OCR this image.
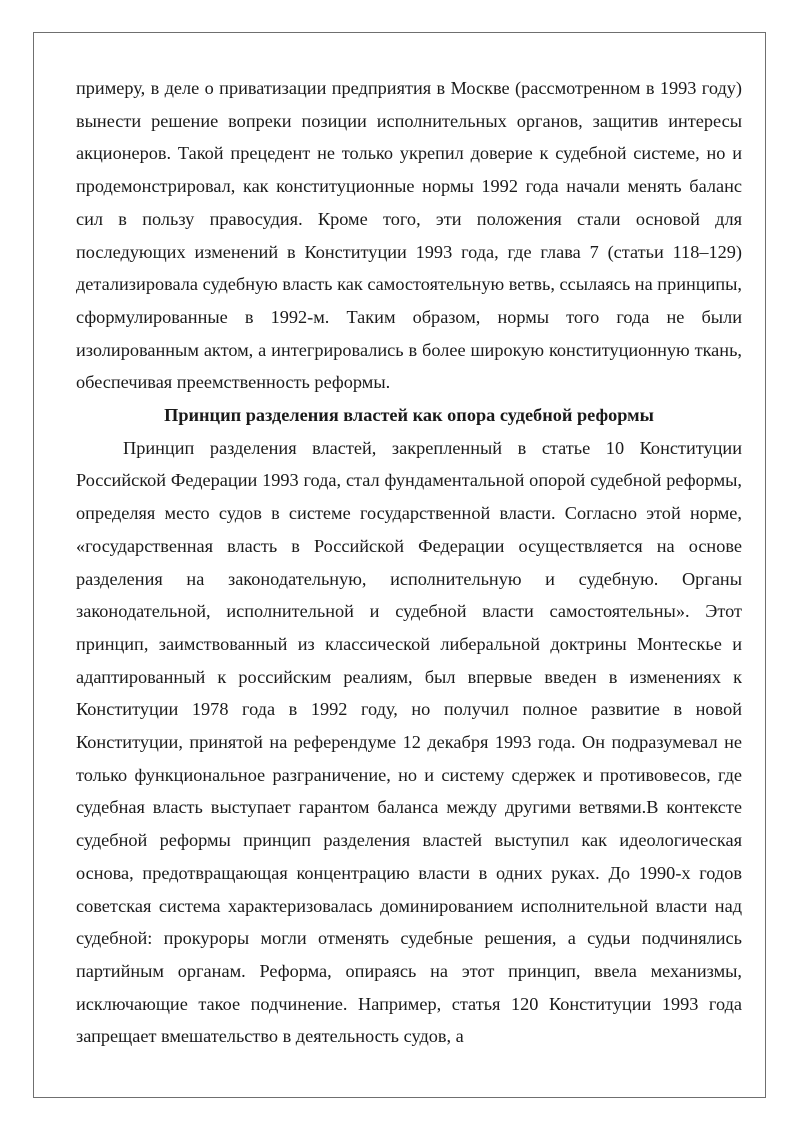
примеру, в деле о приватизации предприятия в Москве (рассмотренном в 1993 году) вынести решение вопреки позиции исполнительных органов, защитив интересы акционеров. Такой прецедент не только укрепил доверие к судебной системе, но и продемонстрировал, как конституционные нормы 1992 года начали менять баланс сил в пользу правосудия. Кроме того, эти положения стали основой для последующих изменений в Конституции 1993 года, где глава 7 (статьи 118–129) детализировала судебную власть как самостоятельную ветвь, ссылаясь на принципы, сформулированные в 1992-м. Таким образом, нормы того года не были изолированным актом, а интегрировались в более широкую конституционную ткань, обеспечивая преемственность реформы.

Принцип разделения властей как опора судебной реформы

Принцип разделения властей, закрепленный в статье 10 Конституции Российской Федерации 1993 года, стал фундаментальной опорой судебной реформы, определяя место судов в системе государственной власти. Согласно этой норме, «государственная власть в Российской Федерации осуществляется на основе разделения на законодательную, исполнительную и судебную. Органы законодательной, исполнительной и судебной власти самостоятельны». Этот принцип, заимствованный из классической либеральной доктрины Монтескье и адаптированный к российским реалиям, был впервые введен в изменениях к Конституции 1978 года в 1992 году, но получил полное развитие в новой Конституции, принятой на референдуме 12 декабря 1993 года. Он подразумевал не только функциональное разграничение, но и систему сдержек и противовесов, где судебная власть выступает гарантом баланса между другими ветвями.В контексте судебной реформы принцип разделения властей выступил как идеологическая основа, предотвращающая концентрацию власти в одних руках. До 1990-х годов советская система характеризовалась доминированием исполнительной власти над судебной: прокуроры могли отменять судебные решения, а судьи подчинялись партийным органам. Реформа, опираясь на этот принцип, ввела механизмы, исключающие такое подчинение. Например, статья 120 Конституции 1993 года запрещает вмешательство в деятельность судов, а
